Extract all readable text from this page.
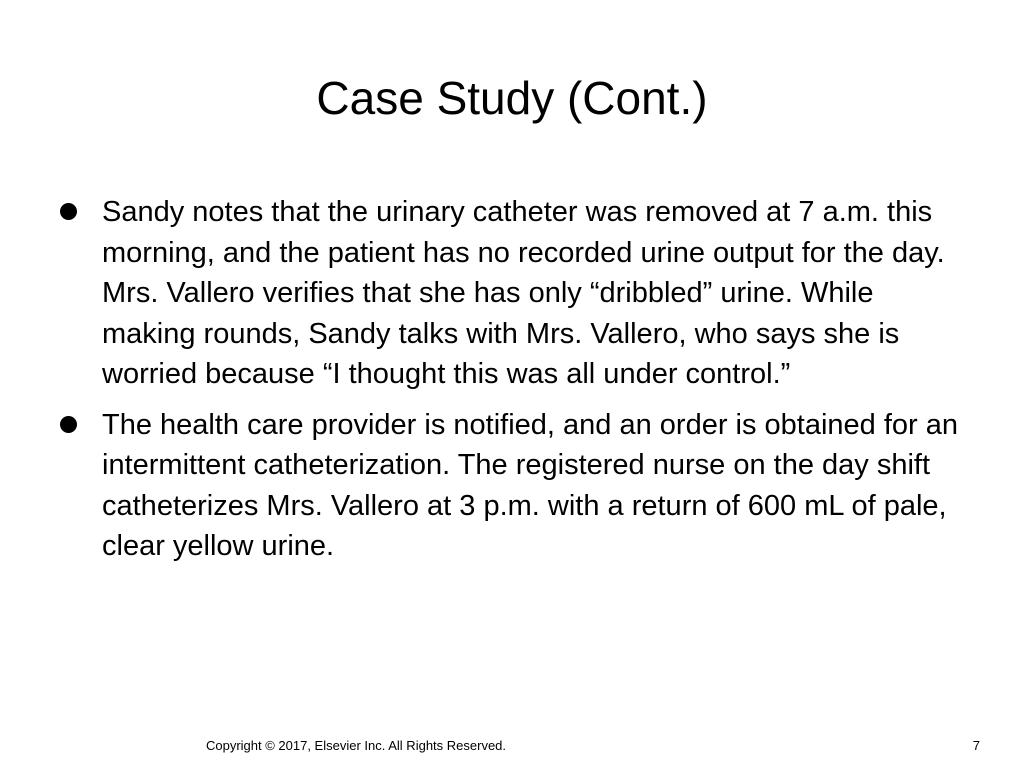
Case Study (Cont.)
Sandy notes that the urinary catheter was removed at 7 a.m. this morning, and the patient has no recorded urine output for the day. Mrs. Vallero verifies that she has only “dribbled” urine. While making rounds, Sandy talks with Mrs. Vallero, who says she is worried because “I thought this was all under control.”
The health care provider is notified, and an order is obtained for an intermittent catheterization. The registered nurse on the day shift catheterizes Mrs. Vallero at 3 p.m. with a return of 600 mL of pale, clear yellow urine.
Copyright © 2017, Elsevier Inc. All Rights Reserved.	7
